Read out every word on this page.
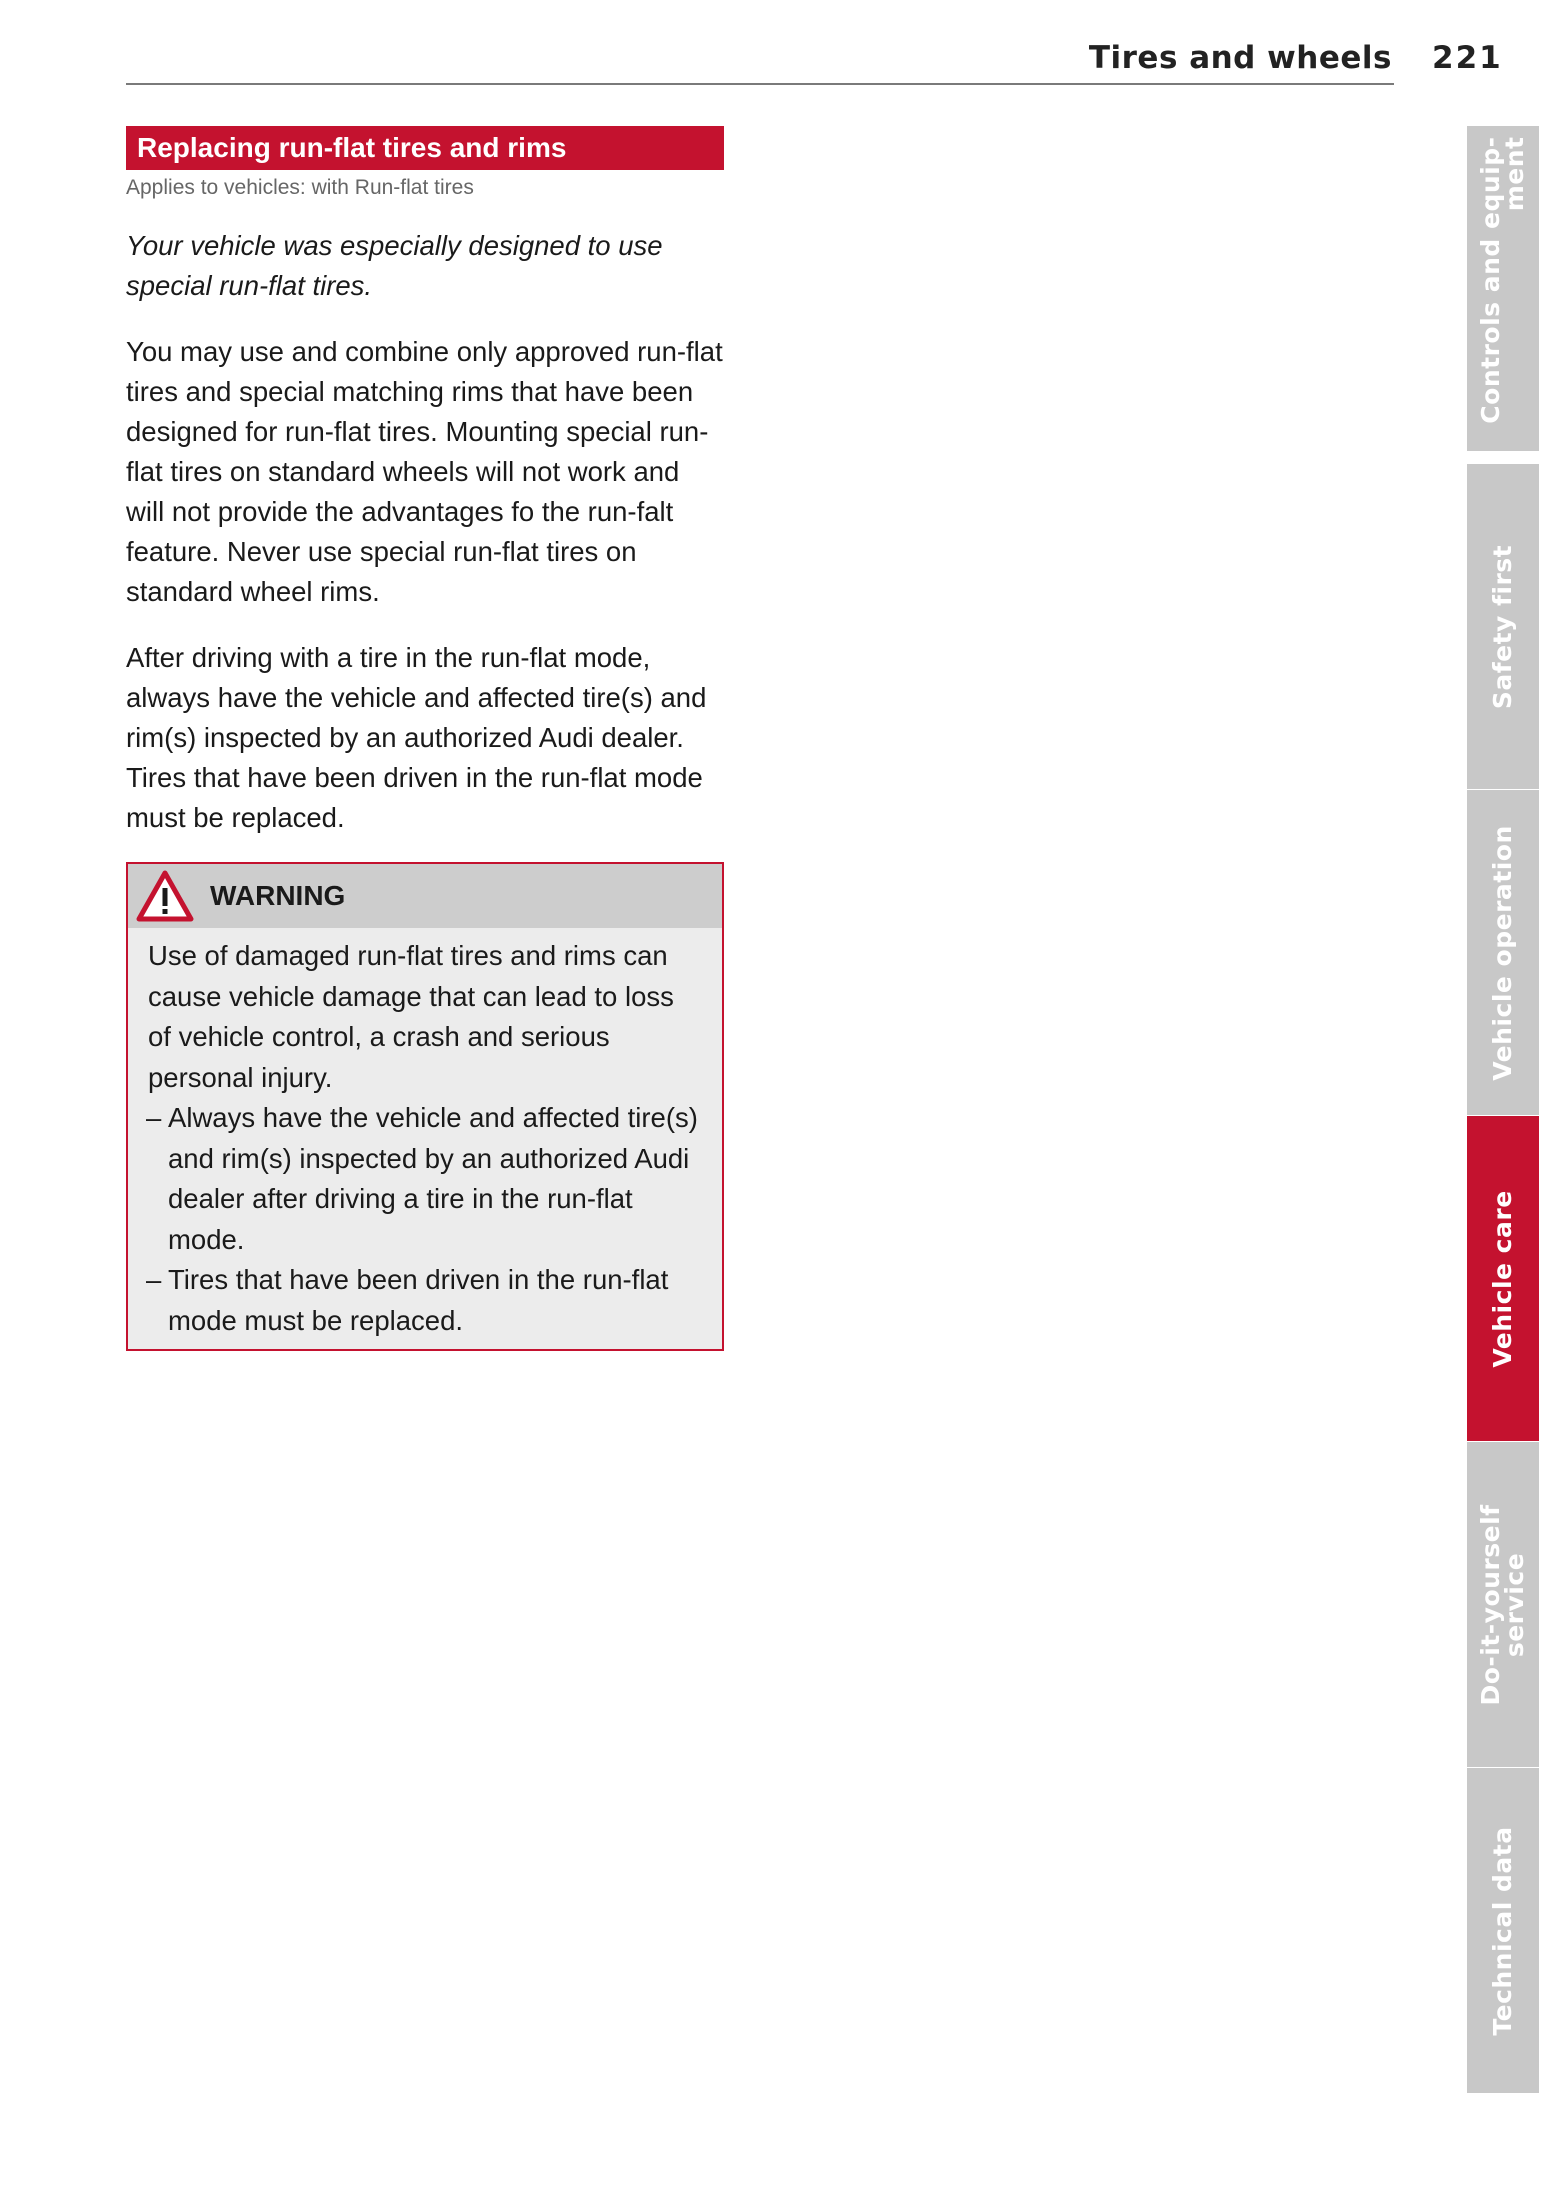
Tires and wheels 221
Replacing run-flat tires and rims
Applies to vehicles: with Run-flat tires
Your vehicle was especially designed to use special run-flat tires.
You may use and combine only approved run-flat tires and special matching rims that have been designed for run-flat tires. Mounting special run-flat tires on standard wheels will not work and will not provide the advantages fo the run-falt feature. Never use special run-flat tires on standard wheel rims.
After driving with a tire in the run-flat mode, always have the vehicle and affected tire(s) and rim(s) inspected by an authorized Audi dealer. Tires that have been driven in the run-flat mode must be replaced.
WARNING
Use of damaged run-flat tires and rims can cause vehicle damage that can lead to loss of vehicle control, a crash and serious personal injury.
– Always have the vehicle and affected tire(s) and rim(s) inspected by an authorized Audi dealer after driving a tire in the run-flat mode.
– Tires that have been driven in the run-flat mode must be replaced.
Controls and equip-ment
Safety first
Vehicle operation
Vehicle care
Do-it-yourself service
Technical data
